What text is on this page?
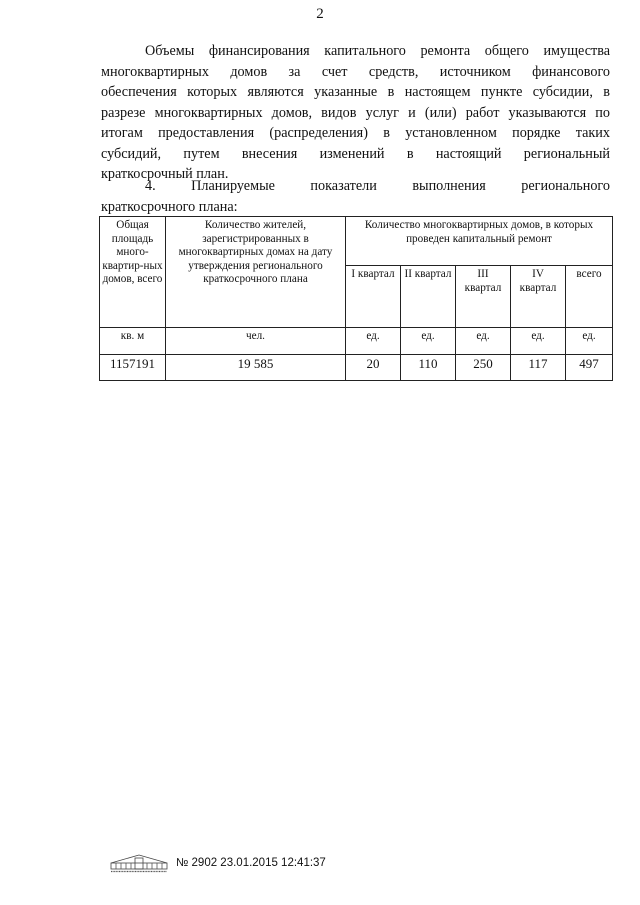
2
Объемы финансирования капитального ремонта общего имущества
многоквартирных домов за счет средств, источником финансового
обеспечения которых являются указанные в настоящем пункте субсидии, в
разрезе многоквартирных домов, видов услуг и (или) работ указываются по
итогам предоставления (распределения) в установленном порядке таких
субсидий, путем внесения изменений в настоящий региональный
краткосрочный план.
4. Планируемые показатели выполнения регионального
краткосрочного плана:
Общая площадь много-квартир-ных домов, всего	Количество жителей, зарегистрированных в многоквартирных домах на дату утверждения регионального краткосрочного плана	Количество многоквартирных домов, в которых проведен капитальный ремонт				
		I квартал	II квартал	III квартал	IV квартал	всего
кв. м	чел.	ед.	ед.	ед.	ед.	ед.
1157191	19 585	20	110	250	117	497
№ 2902 23.01.2015 12:41:37
